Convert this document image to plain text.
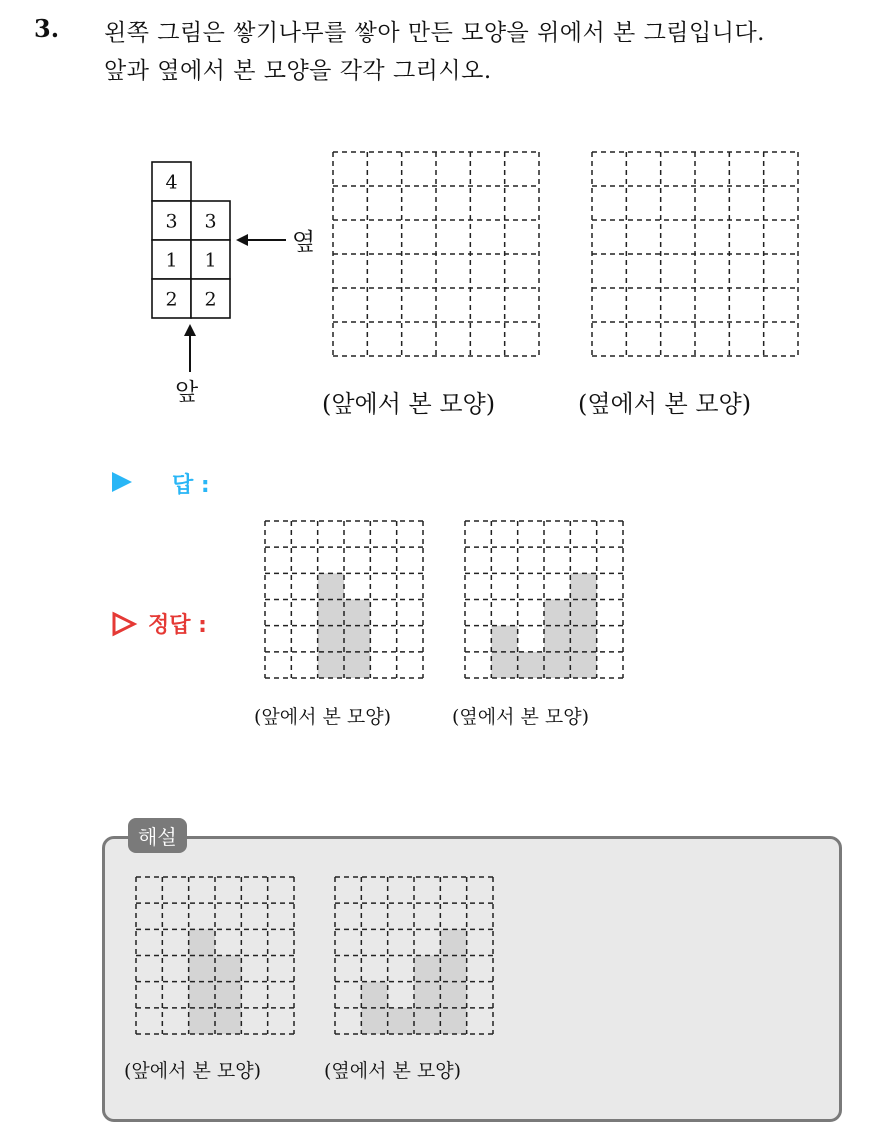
3. 왼쪽 그림은 쌓기나무를 쌓아 만든 모양을 위에서 본 그림입니다.
앞과 옆에서 본 모양을 각각 그리시오.
4
3 3
1 1
2 2
옆
앞	(앞에서 본 모양)	(옆에서 본 모양)
답 :
정답 :
(앞에서 본 모양)	(옆에서 본 모양)
해설
(앞에서 본 모양)	(옆에서 본 모양)
